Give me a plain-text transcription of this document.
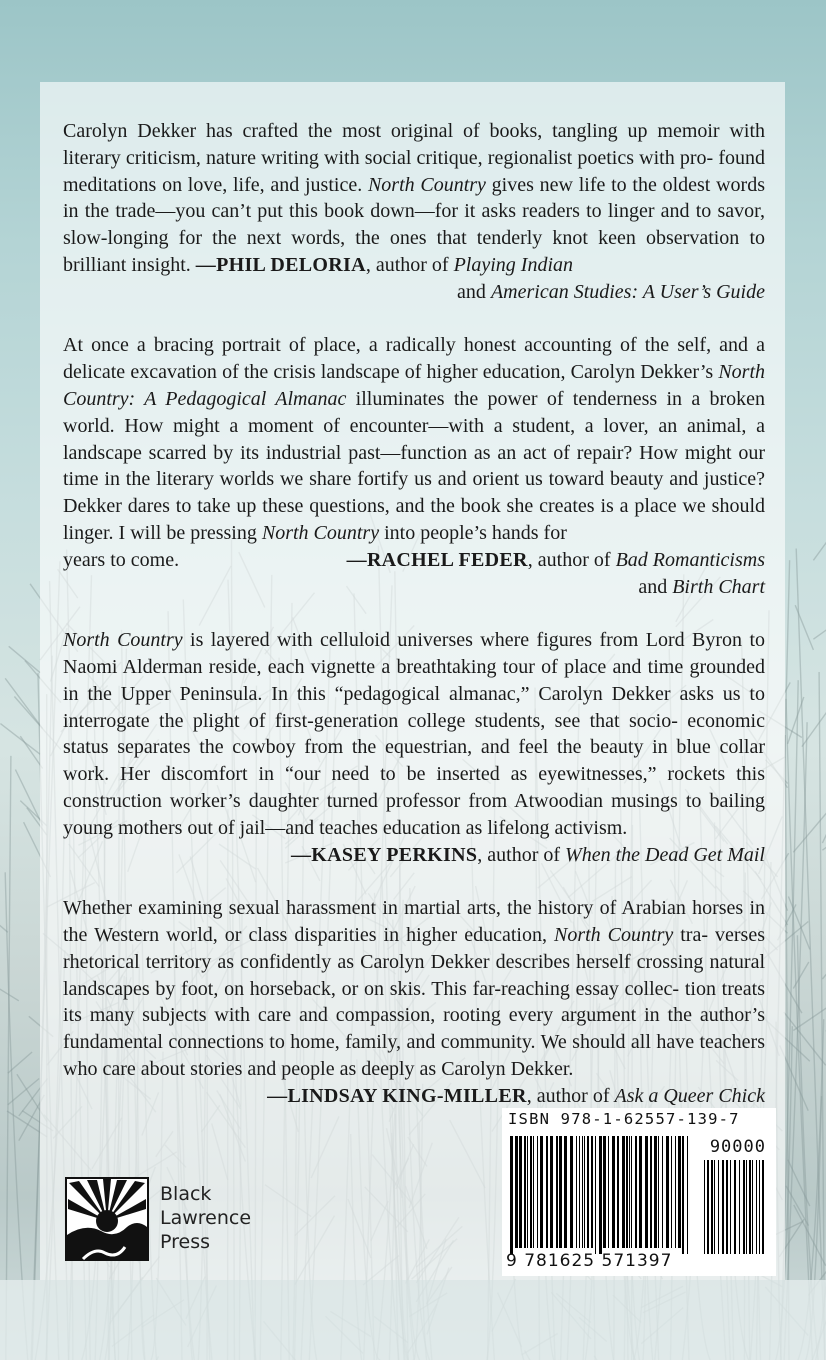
Carolyn Dekker has crafted the most original of books, tangling up memoir with literary criticism, nature writing with social critique, regionalist poetics with pro- found meditations on love, life, and justice. North Country gives new life to the oldest words in the trade—you can’t put this book down—for it asks readers to linger and to savor, slow-longing for the next words, the ones that tenderly knot keen observation to brilliant insight. —PHIL DELORIA, author of Playing Indian
and American Studies: A User’s Guide

At once a bracing portrait of place, a radically honest accounting of the self, and a delicate excavation of the crisis landscape of higher education, Carolyn Dekker’s North Country: A Pedagogical Almanac illuminates the power of tenderness in a broken world. How might a moment of encounter—with a student, a lover, an animal, a landscape scarred by its industrial past—function as an act of repair? How might our time in the literary worlds we share fortify us and orient us toward beauty and justice? Dekker dares to take up these questions, and the book she creates is a place we should linger. I will be pressing North Country into people’s hands for
years to come.	—RACHEL FEDER, author of Bad Romanticisms
and Birth Chart

North Country is layered with celluloid universes where figures from Lord Byron to Naomi Alderman reside, each vignette a breathtaking tour of place and time grounded in the Upper Peninsula. In this “pedagogical almanac,” Carolyn Dekker asks us to interrogate the plight of first-generation college students, see that socio- economic status separates the cowboy from the equestrian, and feel the beauty in blue collar work. Her discomfort in “our need to be inserted as eyewitnesses,” rockets this construction worker’s daughter turned professor from Atwoodian musings to bailing young mothers out of jail—and teaches education as lifelong activism.
—KASEY PERKINS, author of When the Dead Get Mail

Whether examining sexual harassment in martial arts, the history of Arabian horses in the Western world, or class disparities in higher education, North Country tra- verses rhetorical territory as confidently as Carolyn Dekker describes herself crossing natural landscapes by foot, on horseback, or on skis. This far-reaching essay collec- tion treats its many subjects with care and compassion, rooting every argument in the author’s fundamental connections to home, family, and community. We should all have teachers who care about stories and people as deeply as Carolyn Dekker.
—LINDSAY KING-MILLER, author of Ask a Queer Chick

Black
Lawrence
Press
ISBN 978-1-62557-139-7
90000
9 781625 571397
